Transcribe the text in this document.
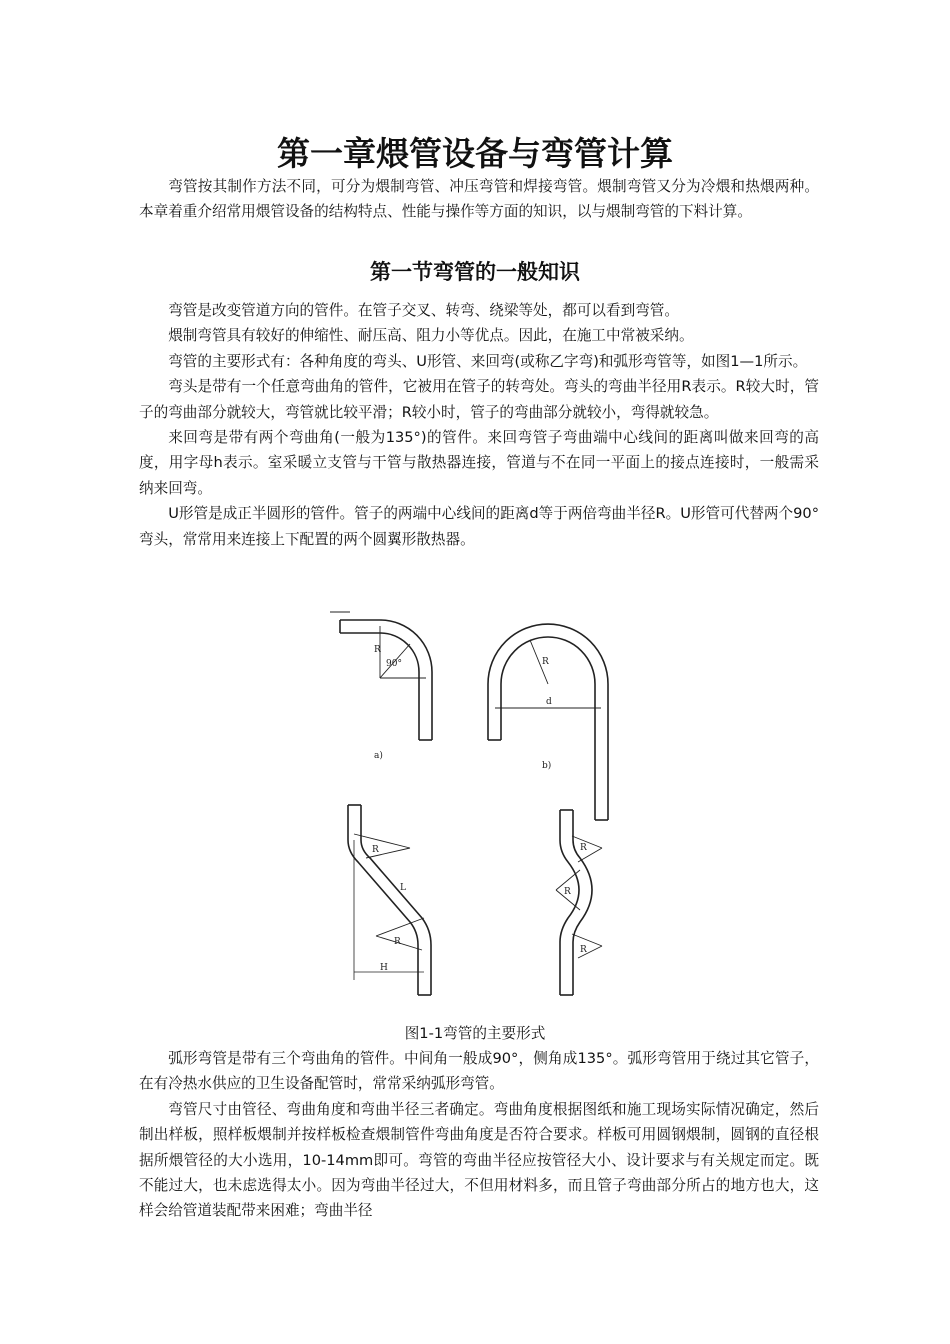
第一章煨管设备与弯管计算

弯管按其制作方法不同，可分为煨制弯管、冲压弯管和焊接弯管。煨制弯管又分为冷煨和热煨两种。本章着重介绍常用煨管设备的结构特点、性能与操作等方面的知识，以与煨制弯管的下料计算。

第一节弯管的一般知识

弯管是改变管道方向的管件。在管子交叉、转弯、绕梁等处，都可以看到弯管。

煨制弯管具有较好的伸缩性、耐压高、阻力小等优点。因此，在施工中常被采纳。

弯管的主要形式有：各种角度的弯头、U形管、来回弯(或称乙字弯)和弧形弯管等，如图1—1所示。

弯头是带有一个任意弯曲角的管件，它被用在管子的转弯处。弯头的弯曲半径用R表示。R较大时，管子的弯曲部分就较大，弯管就比较平滑；R较小时，管子的弯曲部分就较小，弯得就较急。

来回弯是带有两个弯曲角(一般为135°)的管件。来回弯管子弯曲端中心线间的距离叫做来回弯的高度，用字母h表示。室采暖立支管与干管与散热器连接，管道与不在同一平面上的接点连接时，一般需采纳来回弯。

U形管是成正半圆形的管件。管子的两端中心线间的距离d等于两倍弯曲半径R。U形管可代替两个90°弯头，常常用来连接上下配置的两个圆翼形散热器。

R
90°
a)
R
d
b)
R
L
R
H
R
R
R
图1-1弯管的主要形式

弧形弯管是带有三个弯曲角的管件。中间角一般成90°，侧角成135°。弧形弯管用于绕过其它管子，在有冷热水供应的卫生设备配管时，常常采纳弧形弯管。

弯管尺寸由管径、弯曲角度和弯曲半径三者确定。弯曲角度根据图纸和施工现场实际情况确定，然后制出样板，照样板煨制并按样板检查煨制管件弯曲角度是否符合要求。样板可用圆钢煨制，圆钢的直径根据所煨管径的大小选用，10-14mm即可。弯管的弯曲半径应按管径大小、设计要求与有关规定而定。既不能过大，也未虑选得太小。因为弯曲半径过大，不但用材料多，而且管子弯曲部分所占的地方也大，这样会给管道装配带来困难；弯曲半径
